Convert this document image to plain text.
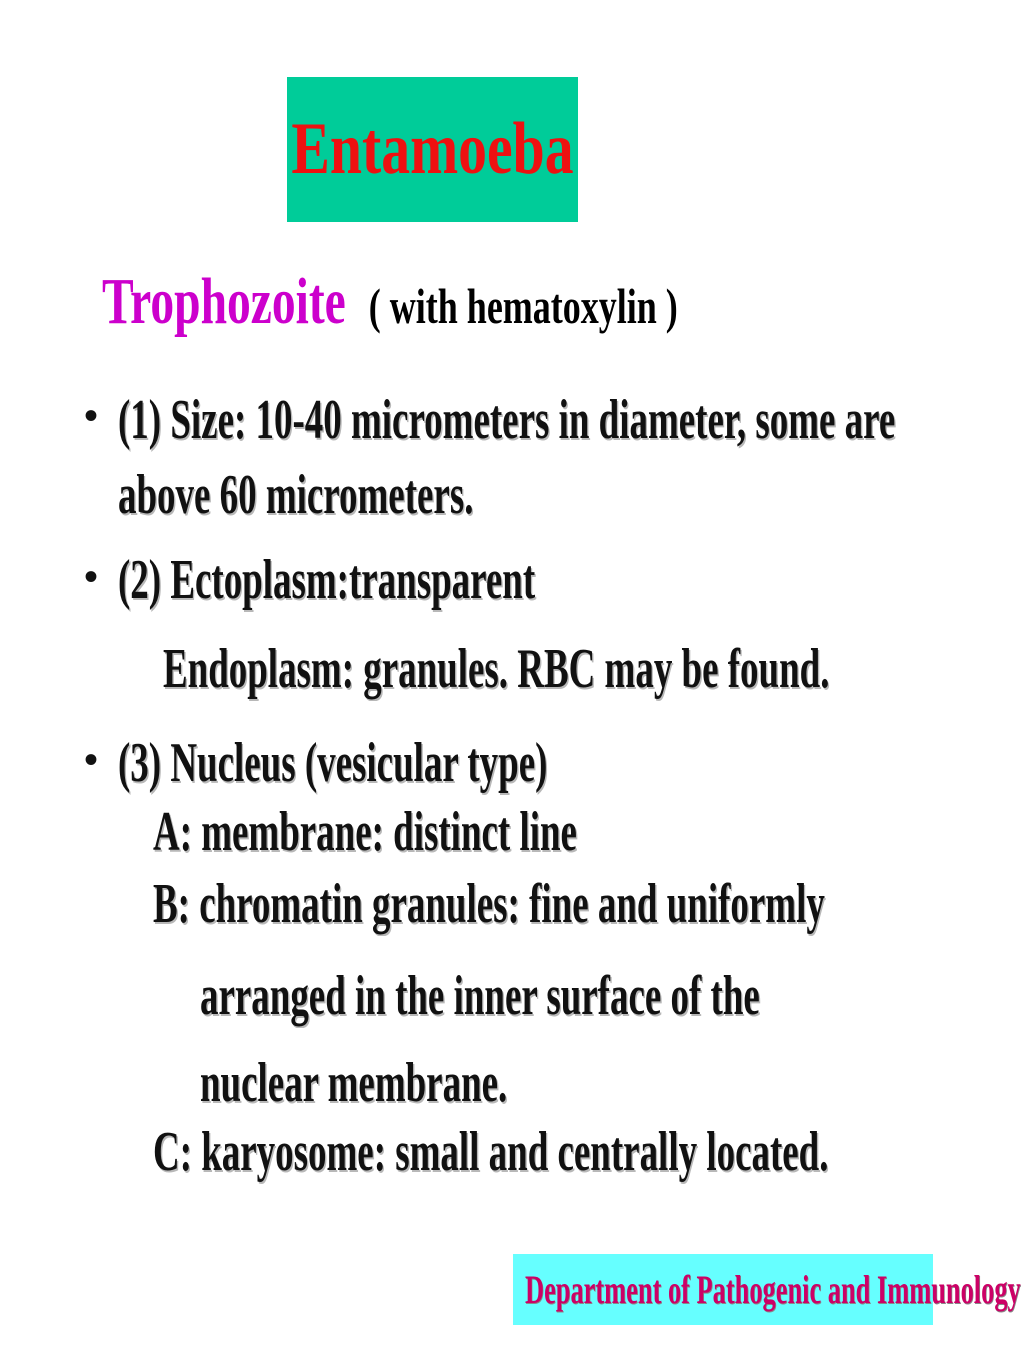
Entamoeba
Trophozoite ( with hematoxylin )
• (1) Size: 10-40 micrometers in diameter, some are
above 60 micrometers.
• (2) Ectoplasm:transparent
Endoplasm: granules. RBC may be found.
• (3) Nucleus (vesicular type)
A: membrane: distinct line
B: chromatin granules: fine and uniformly
arranged in the inner surface of the
nuclear membrane.
C: karyosome: small and centrally located.
Department of Pathogenic and Immunology
